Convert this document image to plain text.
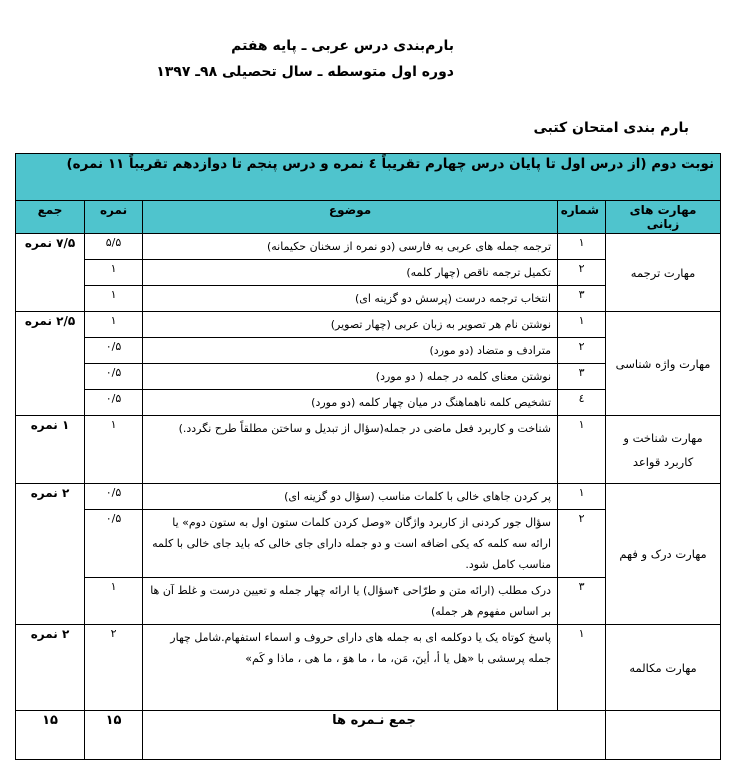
بارم‌بندی درس عربی ـ پایه هفتم
دوره اول متوسطه ـ سال تحصیلی ۹۸ـ ۱۳۹۷
بارم بندی امتحان کتبی
نوبت دوم (از درس اول تا پایان درس چهارم تقریباً ٤ نمره و درس پنجم تا دوازدهم تقریباً ١١ نمره)				
مهارت های زبانی	شماره	موضوع	نمره	جمع
مهارت ترجمه	١	ترجمه جمله های عربی به فارسی (دو نمره از سخنان حکیمانه)	۵/۵	۷/۵ نمره
	٢	تکمیل ترجمه ناقص (چهار کلمه)	١	
	٣	انتخاب ترجمه درست (پرسش دو گزینه ای)	١	
مهارت واژه شناسی	١	نوشتن نام هر تصویر به زبان عربی (چهار تصویر)	١	۲/۵ نمره
	٢	مترادف و متضاد (دو مورد)	۰/۵	
	٣	نوشتن معنای کلمه در جمله ( دو مورد)	۰/۵	
	٤	تشخیص کلمه ناهماهنگ در میان چهار کلمه (دو مورد)	۰/۵	
مهارت شناخت و کاربرد قواعد	١	شناخت و کاربرد فعل ماضی در جمله(سؤال از تبدیل و ساختن مطلقاً طرح نگردد.)	١	١ نمره
مهارت درک و فهم	١	پر کردن جاهای خالی با کلمات مناسب (سؤال دو گزینه ای)	۰/۵	٢ نمره
	٢	سؤال جور کردنی از کاربرد واژگان «وصل کردن کلمات ستون اول به ستون دوم» یا ارائه سه کلمه که یکی اضافه است و دو جمله دارای جای خالی که باید جای خالی با کلمه مناسب کامل شود.	۰/۵	
	٣	درک مطلب (ارائه متن و طرّاحی ۴سؤال) یا ارائه چهار جمله و تعیین درست و غلط آن ها بر اساس مفهوم هر جمله)	١	
مهارت مکالمه	١	پاسخ کوتاه یک یا دوکلمه ای به جمله های دارای حروف و اسماء استفهام.شامل چهار جمله پرسشی با «هل یا أ، أینَ، مَن، ما ، ما هوَ ، ما هی ، ماذا و کَم»	٢	٢ نمره
	جمع نـمره ها		۱۵	۱۵
